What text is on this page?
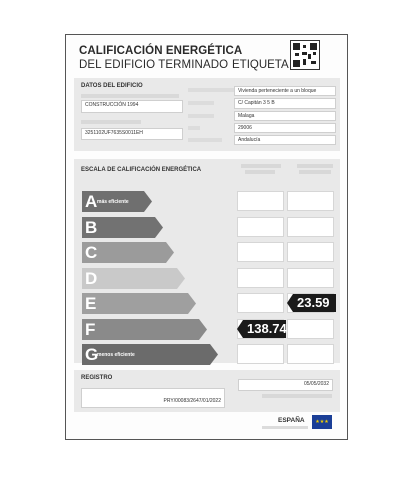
CALIFICACIÓN ENERGÉTICA
DEL EDIFICIO TERMINADO ETIQUETA
DATOS DEL EDIFICIO
CONSTRUCCIÓN 1994
3251102UF7635S0011EH
Vivienda perteneciente a un bloque
C/ Capitán 3 5 B
Malaga
29006
Andalucía
ESCALA DE CALIFICACIÓN ENERGÉTICA
A más eficiente
B
C
D
E
F
G
menos eficiente
138.74
23.59
REGISTRO
PRY/00083/2647/01/2022
05/05/2032
ESPAÑA	★★★
